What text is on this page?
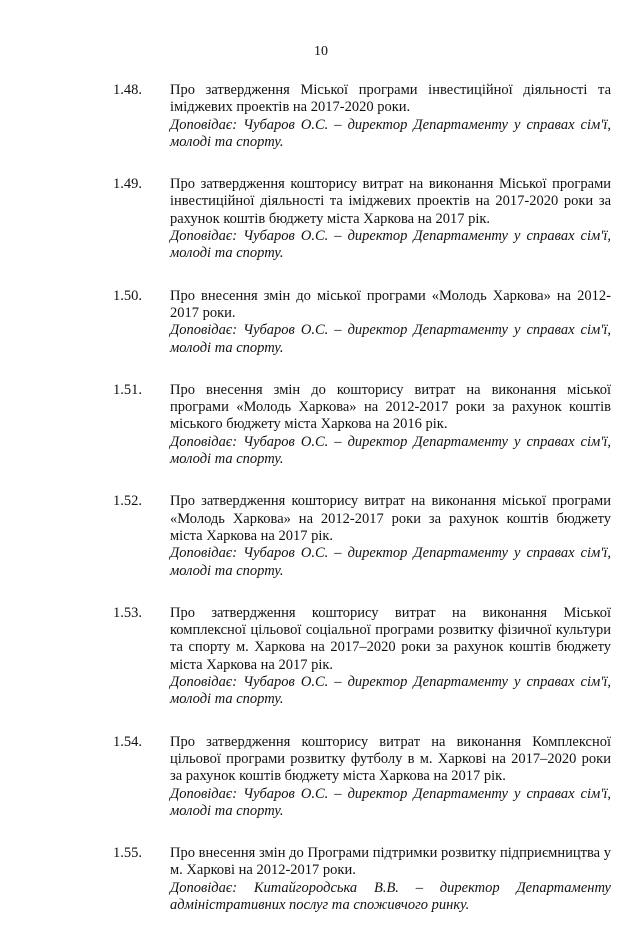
10
1.48. Про затвердження Міської програми інвестиційної діяльності та іміджевих проектів на 2017-2020 роки.
Доповідає: Чубаров О.С. – директор Департаменту у справах сім'ї, молоді та спорту.
1.49. Про затвердження кошторису витрат на виконання Міської програми інвестиційної діяльності та іміджевих проектів на 2017-2020 роки за рахунок коштів бюджету міста Харкова на 2017 рік.
Доповідає: Чубаров О.С. – директор Департаменту у справах сім'ї, молоді та спорту.
1.50. Про внесення змін до міської програми «Молодь Харкова» на 2012-2017 роки.
Доповідає: Чубаров О.С. – директор Департаменту у справах сім'ї, молоді та спорту.
1.51. Про внесення змін до кошторису витрат на виконання міської програми «Молодь Харкова» на 2012-2017 роки за рахунок коштів міського бюджету міста Харкова на 2016 рік.
Доповідає: Чубаров О.С. – директор Департаменту у справах сім'ї, молоді та спорту.
1.52. Про затвердження кошторису витрат на виконання міської програми «Молодь Харкова» на 2012-2017 роки за рахунок коштів бюджету міста Харкова на 2017 рік.
Доповідає: Чубаров О.С. – директор Департаменту у справах сім'ї, молоді та спорту.
1.53. Про затвердження кошторису витрат на виконання Міської комплексної цільової соціальної програми розвитку фізичної культури та спорту м. Харкова на 2017–2020 роки за рахунок коштів бюджету міста Харкова на 2017 рік.
Доповідає: Чубаров О.С. – директор Департаменту у справах сім'ї, молоді та спорту.
1.54. Про затвердження кошторису витрат на виконання Комплексної цільової програми розвитку футболу в м. Харкові на 2017–2020 роки за рахунок коштів бюджету міста Харкова на 2017 рік.
Доповідає: Чубаров О.С. – директор Департаменту у справах сім'ї, молоді та спорту.
1.55. Про внесення змін до Програми підтримки розвитку підприємництва у м. Харкові на 2012-2017 роки.
Доповідає: Китайгородська В.В. – директор Департаменту адміністративних послуг та споживчого ринку.
